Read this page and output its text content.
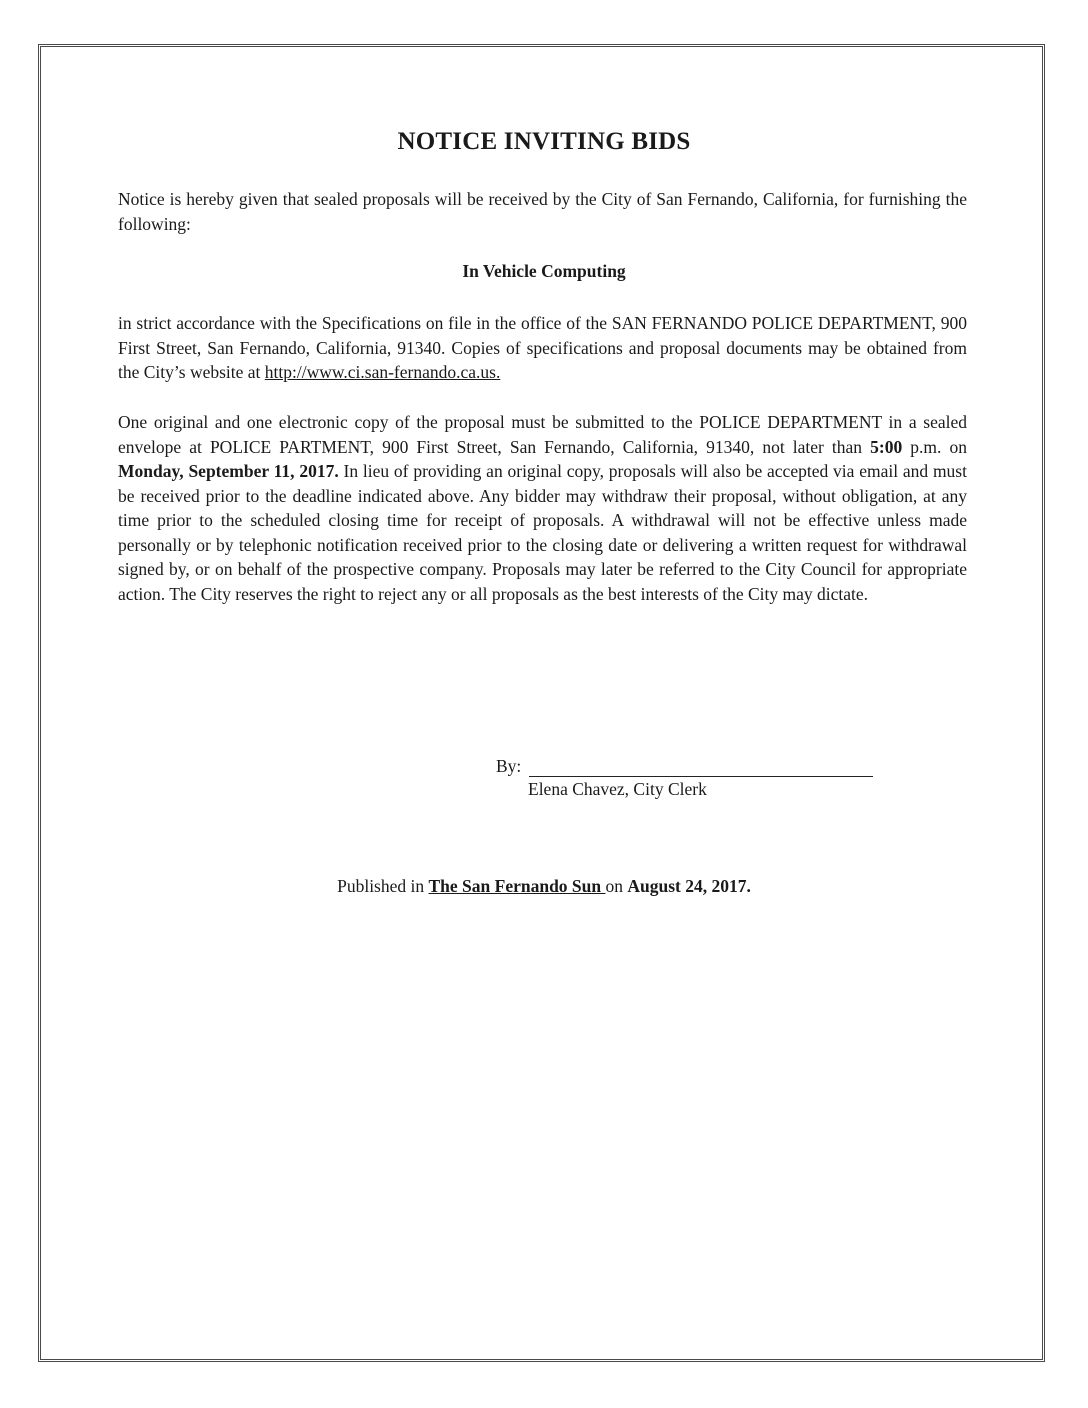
NOTICE INVITING BIDS

Notice is hereby given that sealed proposals will be received by the City of San Fernando, California, for furnishing the following:

In Vehicle Computing

in strict accordance with the Specifications on file in the office of the SAN FERNANDO POLICE DEPARTMENT, 900 First Street, San Fernando, California, 91340. Copies of specifications and proposal documents may be obtained from the City’s website at http://www.ci.san-fernando.ca.us.

One original and one electronic copy of the proposal must be submitted to the POLICE DEPARTMENT in a sealed envelope at POLICE PARTMENT, 900 First Street, San Fernando, California, 91340, not later than 5:00 p.m. on Monday, September 11, 2017. In lieu of providing an original copy, proposals will also be accepted via email and must be received prior to the deadline indicated above. Any bidder may withdraw their proposal, without obligation, at any time prior to the scheduled closing time for receipt of proposals. A withdrawal will not be effective unless made personally or by telephonic notification received prior to the closing date or delivering a written request for withdrawal signed by, or on behalf of the prospective company. Proposals may later be referred to the City Council for appropriate action. The City reserves the right to reject any or all proposals as the best interests of the City may dictate.

By:
Elena Chavez, City Clerk
Published in The San Fernando Sun on August 24, 2017.
